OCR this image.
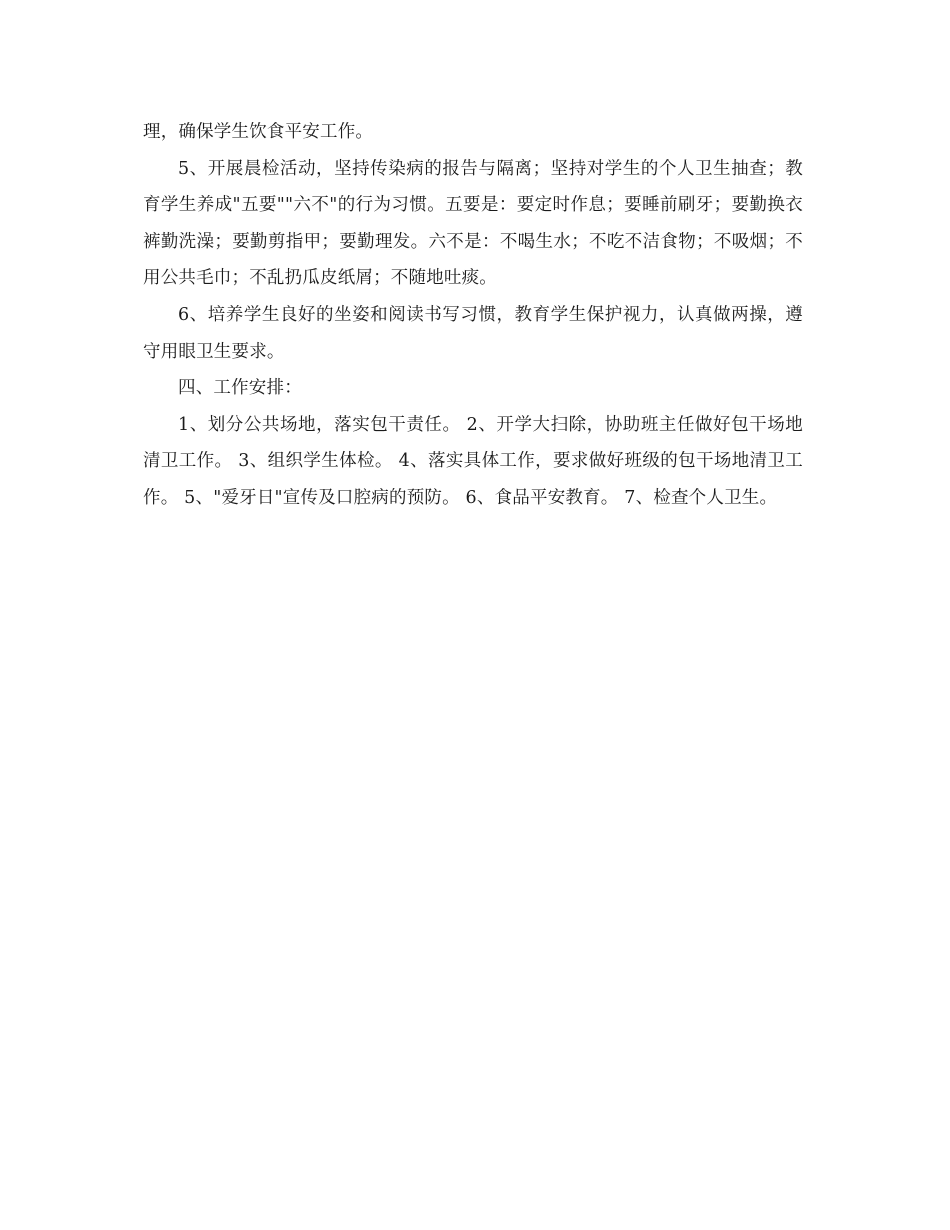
理，确保学生饮食平安工作。

5、开展晨检活动，坚持传染病的报告与隔离；坚持对学生的个人卫生抽查；教育学生养成"五要""六不"的行为习惯。五要是：要定时作息；要睡前刷牙；要勤换衣裤勤洗澡；要勤剪指甲；要勤理发。六不是：不喝生水；不吃不洁食物；不吸烟；不用公共毛巾；不乱扔瓜皮纸屑；不随地吐痰。

6、培养学生良好的坐姿和阅读书写习惯，教育学生保护视力，认真做两操，遵守用眼卫生要求。

四、工作安排：

1、划分公共场地，落实包干责任。 2、开学大扫除，协助班主任做好包干场地清卫工作。 3、组织学生体检。 4、落实具体工作，要求做好班级的包干场地清卫工作。 5、"爱牙日"宣传及口腔病的预防。 6、食品平安教育。 7、检查个人卫生。
